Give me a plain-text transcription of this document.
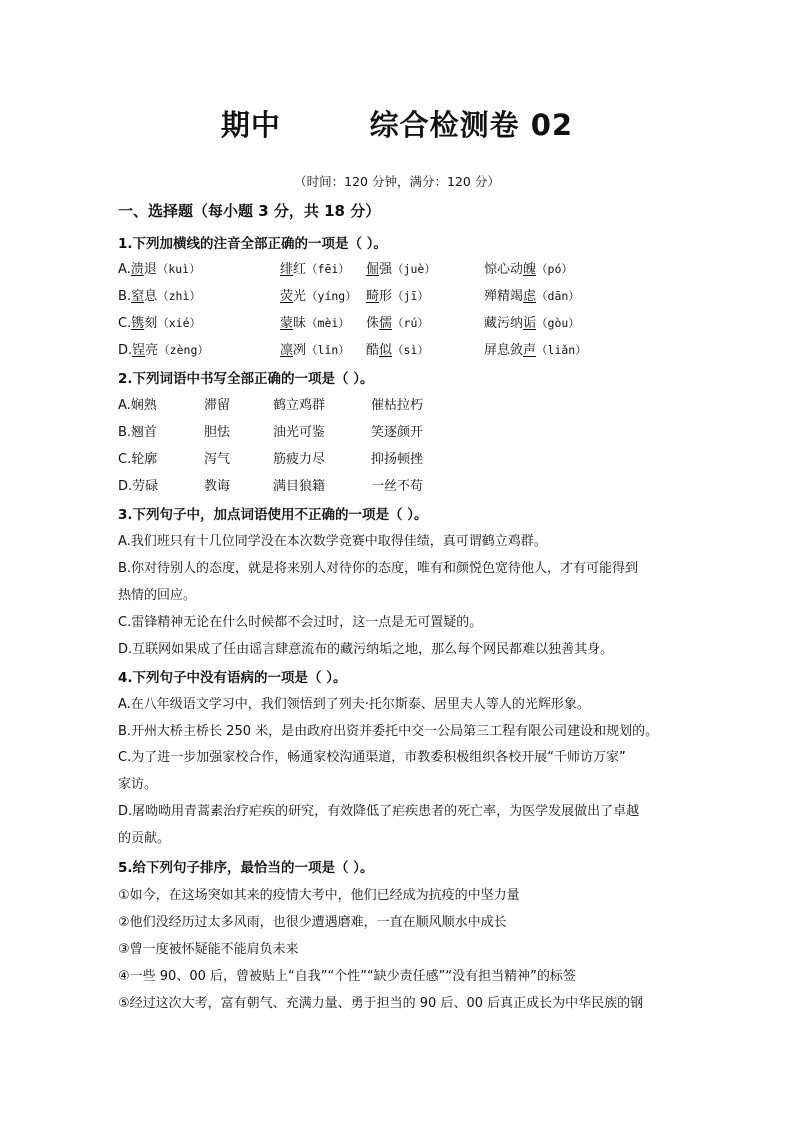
期中        综合检测卷 02
（时间：120 分钟，满分：120 分）
一、选择题（每小题 3 分，共 18 分）
1.下列加横线的注音全部正确的一项是（ ）。
A.溃退（kuì）	绯红（fēi） 倔强（juè）	惊心动魄（pó）
B.窒息（zhì）	荧光（yíng） 畸形（jī）	殚精竭虑（dān）
C.镌刻（xié）	蒙昧（mèi） 侏儒（rú）	藏污纳诟（gòu）
D.锃亮（zèng）	凛冽（lǐn） 酷似（sì）	屏息敛声（liǎn）
2.下列词语中书写全部正确的一项是（ ）。
A.娴熟	滞留	鹤立鸡群	催枯拉朽
B.翘首	胆怯	油光可鉴	笑逐颜开
C.轮廓	泻气	筋疲力尽	抑扬顿挫
D.劳碌	教诲	满目狼籍	一丝不苟
3.下列句子中，加点词语使用不正确的一项是（ ）。
A.我们班只有十几位同学没在本次数学竞赛中取得佳绩，真可谓鹤立鸡群。
B.你对待别人的态度，就是将来别人对待你的态度，唯有和颜悦色宽待他人，才有可能得到
热情的回应。
C.雷锋精神无论在什么时候都不会过时，这一点是无可置疑的。
D.互联网如果成了任由谣言肆意流布的藏污纳垢之地，那么每个网民都难以独善其身。
4.下列句子中没有语病的一项是（ ）。
A.在八年级语文学习中，我们领悟到了列夫·托尔斯泰、居里夫人等人的光辉形象。
B.开州大桥主桥长 250 米，是由政府出资并委托中交一公局第三工程有限公司建设和规划的。
C.为了进一步加强家校合作，畅通家校沟通渠道，市教委积极组织各校开展“千师访万家”
家访。
D.屠呦呦用青蒿素治疗疟疾的研究，有效降低了疟疾患者的死亡率，为医学发展做出了卓越
的贡献。
5.给下列句子排序，最恰当的一项是（ ）。
①如今，在这场突如其来的疫情大考中，他们已经成为抗疫的中坚力量
②他们没经历过太多风雨，也很少遭遇磨难，一直在顺风顺水中成长
③曾一度被怀疑能不能肩负未来
④一些 90、00 后，曾被贴上“自我”“个性”“缺少责任感”“没有担当精神”的标签
⑤经过这次大考，富有朝气、充满力量、勇于担当的 90 后、00 后真正成长为中华民族的钢
